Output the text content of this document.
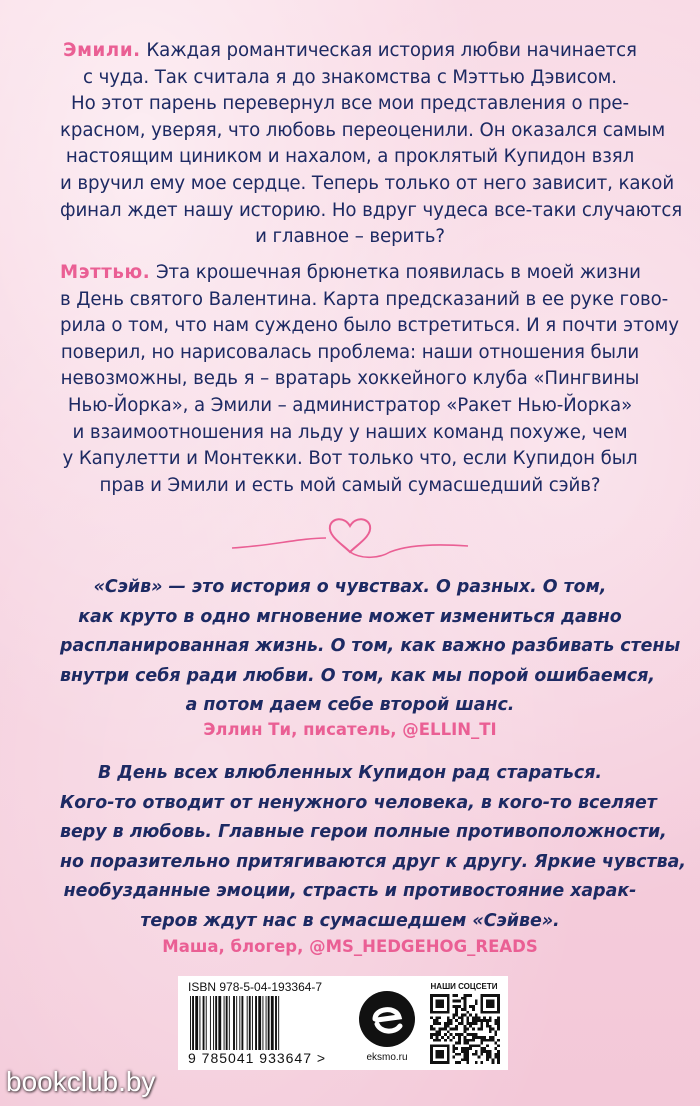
Эмили. Каждая романтическая история любви начинается
с чуда. Так считала я до знакомства с Мэттью Дэвисом.
Но этот парень перевернул все мои представления о пре-
красном, уверяя, что любовь переоценили. Он оказался самым
настоящим циником и нахалом, а проклятый Купидон взял
и вручил ему мое сердце. Теперь только от него зависит, какой
финал ждет нашу историю. Но вдруг чудеса все-таки случаются
и главное – верить?

Мэттью. Эта крошечная брюнетка появилась в моей жизни
в День святого Валентина. Карта предсказаний в ее руке гово-
рила о том, что нам суждено было встретиться. И я почти этому
поверил, но нарисовалась проблема: наши отношения были
невозможны, ведь я – вратарь хоккейного клуба «Пингвины
Нью-Йорка», а Эмили – администратор «Ракет Нью-Йорка»
и взаимоотношения на льду у наших команд похуже, чем
у Капулетти и Монтекки. Вот только что, если Купидон был
прав и Эмили и есть мой самый сумасшедший сэйв?

«Сэйв» — это история о чувствах. О разных. О том,
как круто в одно мгновение может измениться давно
распланированная жизнь. О том, как важно разбивать стены
внутри себя ради любви. О том, как мы порой ошибаемся,
а потом даем себе второй шанс.

Эллин Ти, писатель, @ELLIN_TI

В День всех влюбленных Купидон рад стараться.
Кого-то отводит от ненужного человека, в кого-то вселяет
веру в любовь. Главные герои полные противоположности,
но поразительно притягиваются друг к другу. Яркие чувства,
необузданные эмоции, страсть и противостояние харак-
теров ждут нас в сумасшедшем «Сэйве».

Маша, блогер, @MS_HEDGEHOG_READS
ISBN 978-5-04-193364-7
9 785041 933647 >	eksmo.ru
НАШИ СОЦСЕТИ
bookclub.by
